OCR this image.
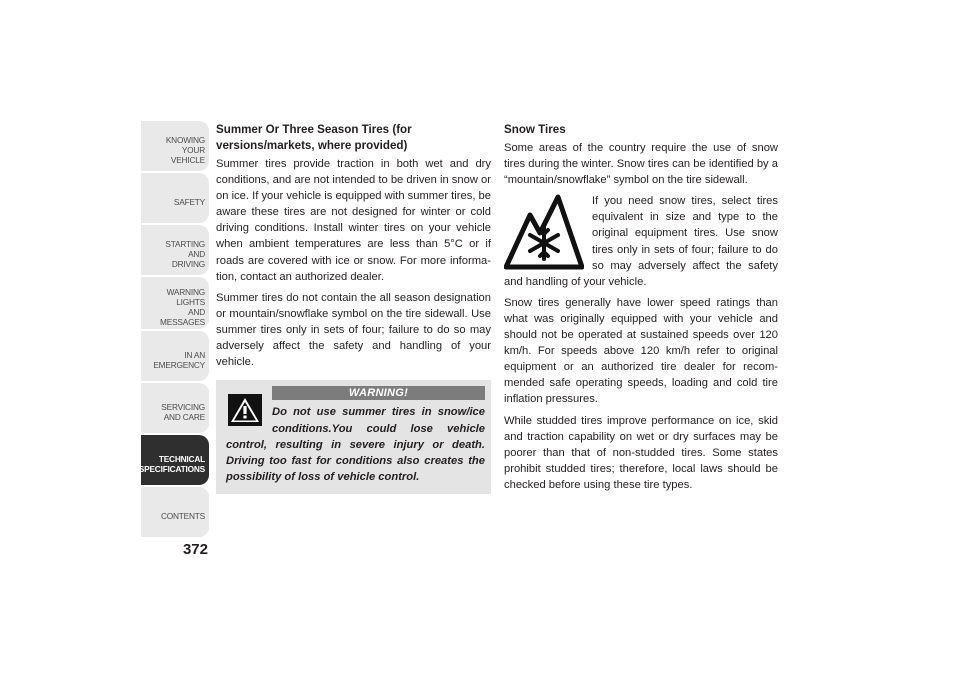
KNOWING
YOUR
VEHICLE
SAFETY
STARTING
AND
DRIVING
WARNING
LIGHTS
AND
MESSAGES
IN AN
EMERGENCY
SERVICING
AND CARE
TECHNICAL
SPECIFICATIONS
CONTENTS
372
Summer Or Three Season Tires (for versions/markets, where provided)

Summer tires provide traction in both wet and dry conditions, and are not intended to be driven in snow or on ice. If your vehicle is equipped with summer tires, be aware these tires are not designed for winter or cold driving conditions. Install winter tires on your vehicle when ambient temperatures are less than 5°C or if roads are covered with ice or snow. For more informa- tion, contact an authorized dealer.

Summer tires do not contain the all season designation or mountain/snowflake symbol on the tire sidewall. Use summer tires only in sets of four; failure to do so may adversely affect the safety and handling of your vehicle.

WARNING!
Do not use summer tires in snow/ice conditions.You could lose vehicle control, resulting in severe injury or death. Driving too fast for conditions also creates the possibility of loss of vehicle control.
Snow Tires

Some areas of the country require the use of snow tires during the winter. Snow tires can be identified by a “mountain/snowflake” symbol on the tire sidewall.

If you need snow tires, select tires equivalent in size and type to the original equipment tires. Use snow tires only in sets of four; failure to do so may adversely affect the safety and handling of your vehicle.

Snow tires generally have lower speed ratings than what was originally equipped with your vehicle and should not be operated at sustained speeds over 120 km/h. For speeds above 120 km/h refer to original equipment or an authorized tire dealer for recom- mended safe operating speeds, loading and cold tire inflation pressures.

While studded tires improve performance on ice, skid and traction capability on wet or dry surfaces may be poorer than that of non-studded tires. Some states prohibit studded tires; therefore, local laws should be checked before using these tire types.
